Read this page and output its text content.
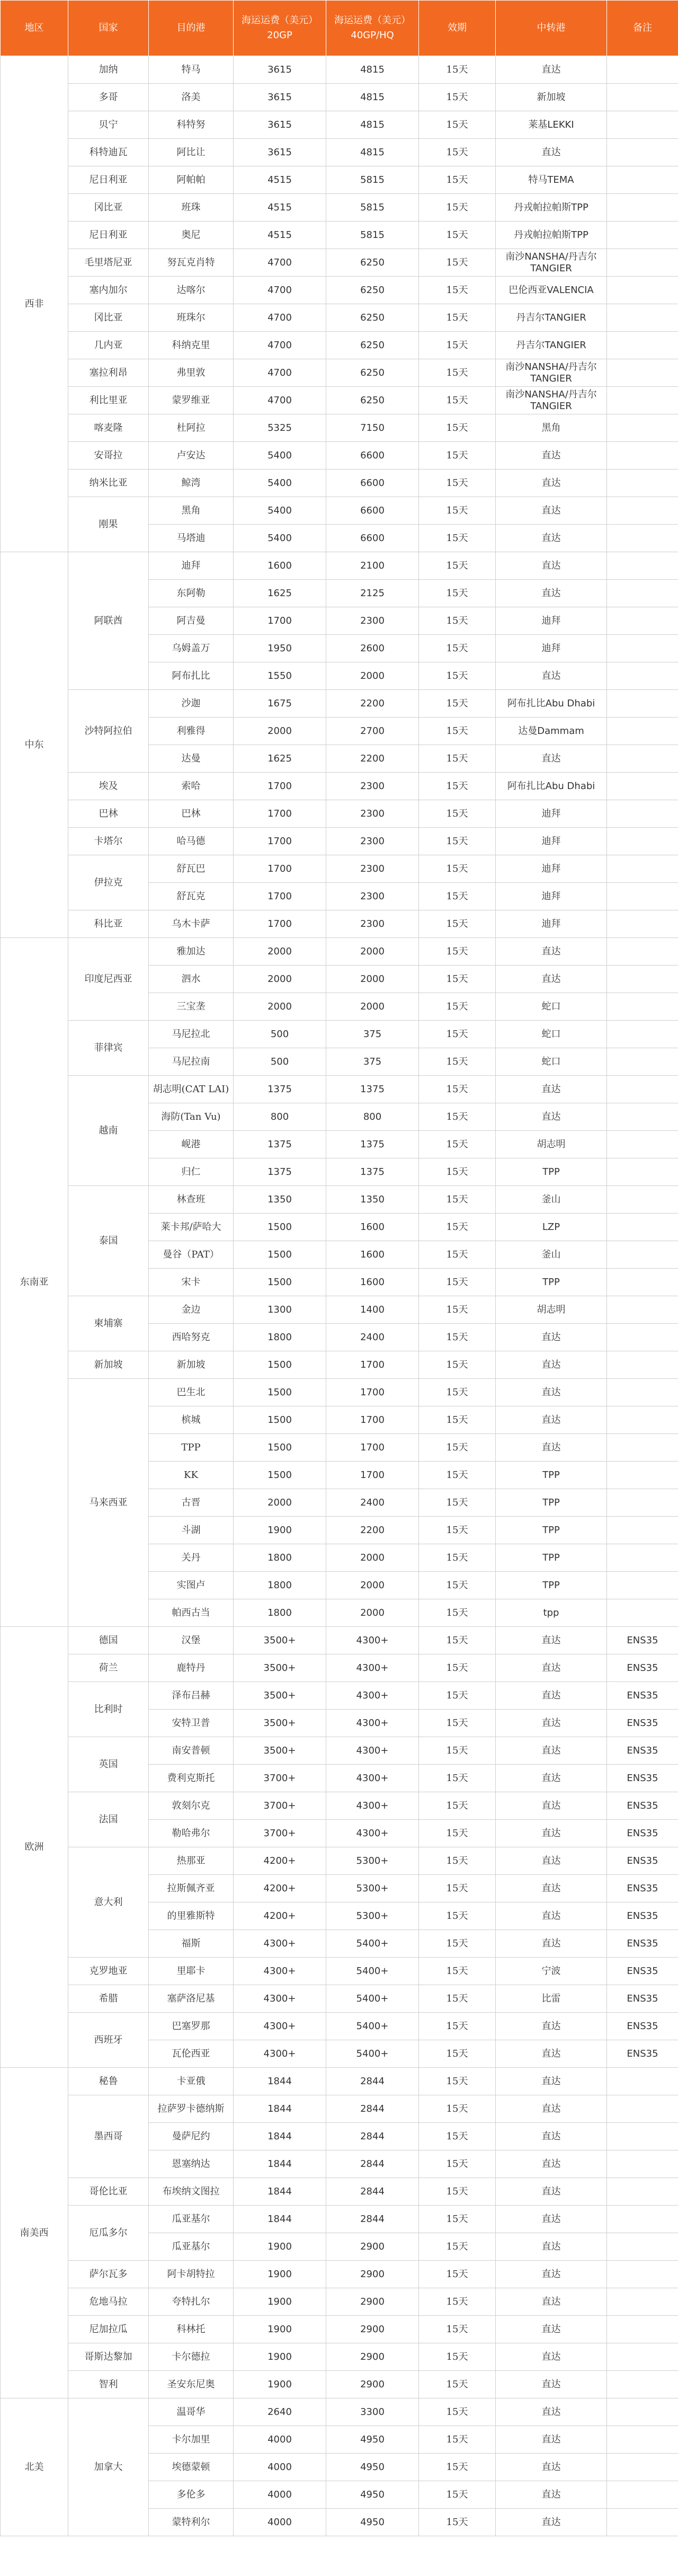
地区	国家	目的港	海运运费（美元）20GP	海运运费（美元）40GP/HQ	效期	中转港	备注
西非	加纳	特马	3615	4815	15天	直达	
	多哥	洛美	3615	4815	15天	新加坡	
	贝宁	科特努	3615	4815	15天	莱基LEKKI	
	科特迪瓦	阿比让	3615	4815	15天	直达	
	尼日利亚	阿帕帕	4515	5815	15天	特马TEMA	
	冈比亚	班珠	4515	5815	15天	丹戎帕拉帕斯TPP	
	尼日利亚	奥尼	4515	5815	15天	丹戎帕拉帕斯TPP	
	毛里塔尼亚	努瓦克肖特	4700	6250	15天	南沙NANSHA/丹吉尔TANGIER	
	塞内加尔	达喀尔	4700	6250	15天	巴伦西亚VALENCIA	
	冈比亚	班珠尔	4700	6250	15天	丹吉尔TANGIER	
	几内亚	科纳克里	4700	6250	15天	丹吉尔TANGIER	
	塞拉利昂	弗里敦	4700	6250	15天	南沙NANSHA/丹吉尔TANGIER	
	利比里亚	蒙罗维亚	4700	6250	15天	南沙NANSHA/丹吉尔TANGIER	
	喀麦隆	杜阿拉	5325	7150	15天	黑角	
	安哥拉	卢安达	5400	6600	15天	直达	
	纳米比亚	鲸湾	5400	6600	15天	直达	
	刚果	黑角	5400	6600	15天	直达	
		马塔迪	5400	6600	15天	直达	
中东	阿联酋	迪拜	1600	2100	15天	直达	
		东阿勒	1625	2125	15天	直达	
		阿吉曼	1700	2300	15天	迪拜	
		乌姆盖万	1950	2600	15天	迪拜	
		阿布扎比	1550	2000	15天	直达	
	沙特阿拉伯	沙迦	1675	2200	15天	阿布扎比Abu Dhabi	
		利雅得	2000	2700	15天	达曼Dammam	
		达曼	1625	2200	15天	直达	
	埃及	索哈	1700	2300	15天	阿布扎比Abu Dhabi	
	巴林	巴林	1700	2300	15天	迪拜	
	卡塔尔	哈马德	1700	2300	15天	迪拜	
	伊拉克	舒瓦巴	1700	2300	15天	迪拜	
		舒瓦克	1700	2300	15天	迪拜	
	科比亚	乌木卡萨	1700	2300	15天	迪拜	
东南亚	印度尼西亚	雅加达	2000	2000	15天	直达	
		泗水	2000	2000	15天	直达	
		三宝垄	2000	2000	15天	蛇口	
	菲律宾	马尼拉北	500	375	15天	蛇口	
		马尼拉南	500	375	15天	蛇口	
	越南	胡志明(CAT LAI)	1375	1375	15天	直达	
		海防(Tan Vu)	800	800	15天	直达	
		岘港	1375	1375	15天	胡志明	
		归仁	1375	1375	15天	TPP	
	泰国	林查班	1350	1350	15天	釜山	
		莱卡邦/萨哈大	1500	1600	15天	LZP	
		曼谷（PAT）	1500	1600	15天	釜山	
		宋卡	1500	1600	15天	TPP	
	柬埔寨	金边	1300	1400	15天	胡志明	
		西哈努克	1800	2400	15天	直达	
	新加坡	新加坡	1500	1700	15天	直达	
	马来西亚	巴生北	1500	1700	15天	直达	
		槟城	1500	1700	15天	直达	
		TPP	1500	1700	15天	直达	
		KK	1500	1700	15天	TPP	
		古晋	2000	2400	15天	TPP	
		斗湖	1900	2200	15天	TPP	
		关丹	1800	2000	15天	TPP	
		实图卢	1800	2000	15天	TPP	
		帕西古当	1800	2000	15天	tpp	
欧洲	德国	汉堡	3500+	4300+	15天	直达	ENS35
	荷兰	鹿特丹	3500+	4300+	15天	直达	ENS35
	比利时	泽布吕赫	3500+	4300+	15天	直达	ENS35
		安特卫普	3500+	4300+	15天	直达	ENS35
	英国	南安普顿	3500+	4300+	15天	直达	ENS35
		费利克斯托	3700+	4300+	15天	直达	ENS35
	法国	敦刻尔克	3700+	4300+	15天	直达	ENS35
		勒哈弗尔	3700+	4300+	15天	直达	ENS35
	意大利	热那亚	4200+	5300+	15天	直达	ENS35
		拉斯佩齐亚	4200+	5300+	15天	直达	ENS35
		的里雅斯特	4200+	5300+	15天	直达	ENS35
		福斯	4300+	5400+	15天	直达	ENS35
	克罗地亚	里耶卡	4300+	5400+	15天	宁波	ENS35
	希腊	塞萨洛尼基	4300+	5400+	15天	比雷	ENS35
	西班牙	巴塞罗那	4300+	5400+	15天	直达	ENS35
		瓦伦西亚	4300+	5400+	15天	直达	ENS35
南美西	秘鲁	卡亚俄	1844	2844	15天	直达	
	墨西哥	拉萨罗卡德纳斯	1844	2844	15天	直达	
		曼萨尼约	1844	2844	15天	直达	
		恩塞纳达	1844	2844	15天	直达	
	哥伦比亚	布埃纳文图拉	1844	2844	15天	直达	
	厄瓜多尔	瓜亚基尔	1844	2844	15天	直达	
		瓜亚基尔	1900	2900	15天	直达	
	萨尔瓦多	阿卡胡特拉	1900	2900	15天	直达	
	危地马拉	夸特扎尔	1900	2900	15天	直达	
	尼加拉瓜	科林托	1900	2900	15天	直达	
	哥斯达黎加	卡尔德拉	1900	2900	15天	直达	
	智利	圣安东尼奥	1900	2900	15天	直达	
北美	加拿大	温哥华	2640	3300	15天	直达	
		卡尔加里	4000	4950	15天	直达	
		埃德蒙顿	4000	4950	15天	直达	
		多伦多	4000	4950	15天	直达	
		蒙特利尔	4000	4950	15天	直达	
